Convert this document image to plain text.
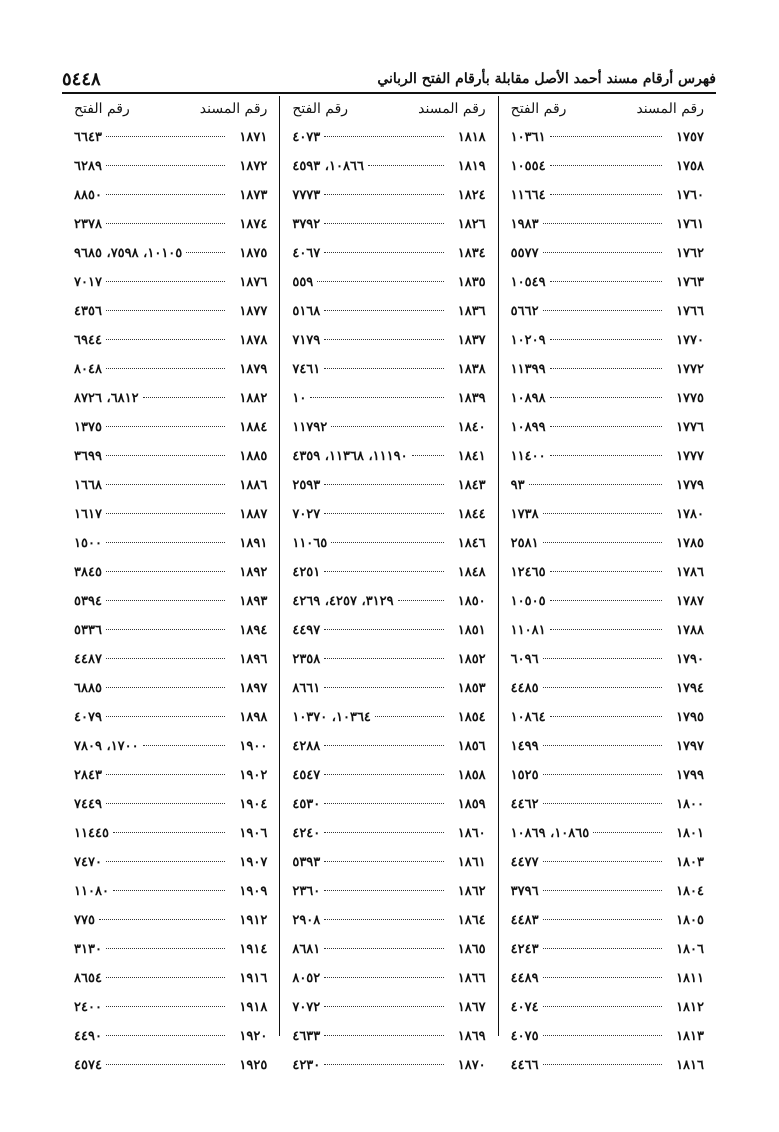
فهرس أرقام مسند أحمد الأصل مقابلة بأرقام الفتح الرباني
٥٤٤٨
رقم المسند
رقم الفتح
١٧٥٧
١٠٣٦١
١٧٥٨
١٠٥٥٤
١٧٦٠
١١٦٦٤
١٧٦١
١٩٨٣
١٧٦٢
٥٥٧٧
١٧٦٣
١٠٥٤٩
١٧٦٦
٥٦٦٢
١٧٧٠
١٠٢٠٩
١٧٧٢
١١٣٩٩
١٧٧٥
١٠٨٩٨
١٧٧٦
١٠٨٩٩
١٧٧٧
١١٤٠٠
١٧٧٩
٩٣
١٧٨٠
١٧٣٨
١٧٨٥
٢٥٨١
١٧٨٦
١٢٤٦٥
١٧٨٧
١٠٥٠٥
١٧٨٨
١١٠٨١
١٧٩٠
٦٠٩٦
١٧٩٤
٤٤٨٥
١٧٩٥
١٠٨٦٤
١٧٩٧
١٤٩٩
١٧٩٩
١٥٢٥
١٨٠٠
٤٤٦٢
١٨٠١
١٠٨٦٥، ١٠٨٦٩
١٨٠٣
٤٤٧٧
١٨٠٤
٣٧٩٦
١٨٠٥
٤٤٨٣
١٨٠٦
٤٢٤٣
١٨١١
٤٤٨٩
١٨١٢
٤٠٧٤
١٨١٣
٤٠٧٥
١٨١٦
٤٤٦٦
رقم المسند
رقم الفتح
١٨١٨
٤٠٧٣
١٨١٩
١٠٨٦٦، ٤٥٩٣
١٨٢٤
٧٧٧٣
١٨٢٦
٣٧٩٢
١٨٣٤
٤٠٦٧
١٨٣٥
٥٥٩
١٨٣٦
٥١٦٨
١٨٣٧
٧١٧٩
١٨٣٨
٧٤٦١
١٨٣٩
١٠
١٨٤٠
١١٧٩٢
١٨٤١
١١١٩٠، ١١٣٦٨، ٤٣٥٩
١٨٤٣
٢٥٩٣
١٨٤٤
٧٠٢٧
١٨٤٦
١١٠٦٥
١٨٤٨
٤٢٥١
١٨٥٠
٣١٢٩، ٤٢٥٧، ٤٢٦٩
١٨٥١
٤٤٩٧
١٨٥٢
٢٣٥٨
١٨٥٣
٨٦٦١
١٨٥٤
١٠٣٦٤، ١٠٣٧٠
١٨٥٦
٤٢٨٨
١٨٥٨
٤٥٤٧
١٨٥٩
٤٥٣٠
١٨٦٠
٤٢٤٠
١٨٦١
٥٣٩٣
١٨٦٢
٢٣٦٠
١٨٦٤
٢٩٠٨
١٨٦٥
٨٦٨١
١٨٦٦
٨٠٥٢
١٨٦٧
٧٠٧٢
١٨٦٩
٤٦٣٣
١٨٧٠
٤٢٣٠
رقم المسند
رقم الفتح
١٨٧١
٦٦٤٣
١٨٧٢
٦٢٨٩
١٨٧٣
٨٨٥٠
١٨٧٤
٢٣٧٨
١٨٧٥
١٠١٠٥، ٧٥٩٨، ٩٦٨٥
١٨٧٦
٧٠١٧
١٨٧٧
٤٣٥٦
١٨٧٨
٦٩٤٤
١٨٧٩
٨٠٤٨
١٨٨٢
٦٨١٢، ٨٧٢٦
١٨٨٤
١٣٧٥
١٨٨٥
٣٦٩٩
١٨٨٦
١٦٦٨
١٨٨٧
١٦١٧
١٨٩١
١٥٠٠
١٨٩٢
٣٨٤٥
١٨٩٣
٥٣٩٤
١٨٩٤
٥٣٣٦
١٨٩٦
٤٤٨٧
١٨٩٧
٦٨٨٥
١٨٩٨
٤٠٧٩
١٩٠٠
١٧٠٠، ٧٨٠٩
١٩٠٢
٢٨٤٣
١٩٠٤
٧٤٤٩
١٩٠٦
١١٤٤٥
١٩٠٧
٧٤٧٠
١٩٠٩
١١٠٨٠
١٩١٢
٧٧٥
١٩١٤
٣١٣٠
١٩١٦
٨٦٥٤
١٩١٨
٢٤٠٠
١٩٢٠
٤٤٩٠
١٩٢٥
٤٥٧٤
